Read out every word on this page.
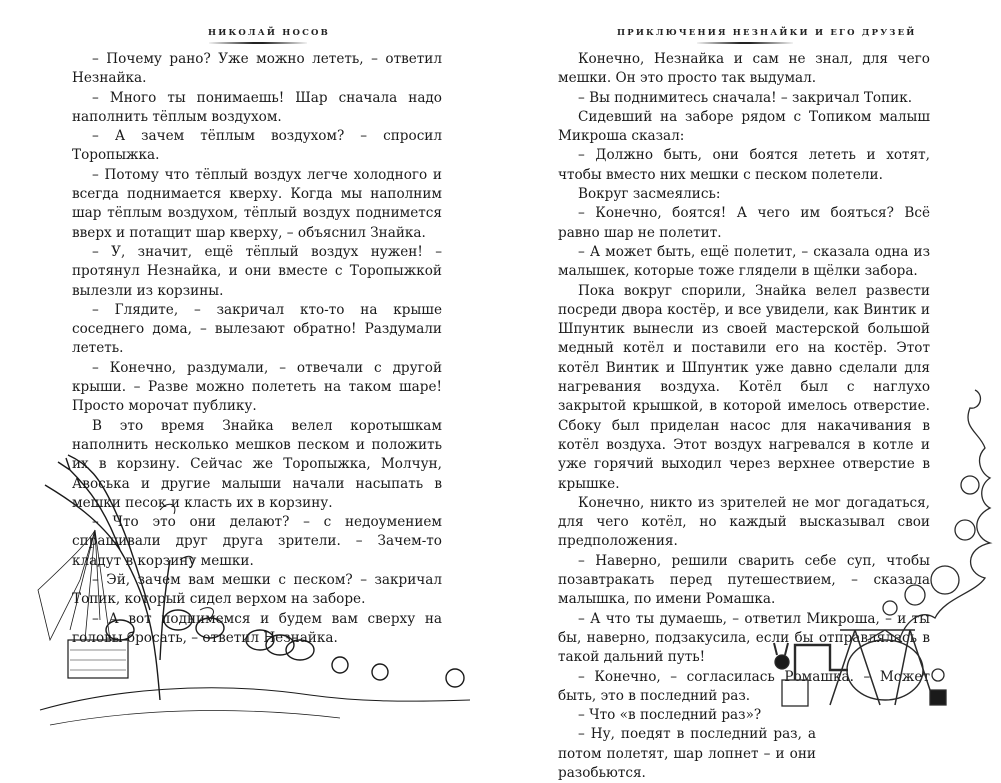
НИКОЛАЙ НОСОВ

– Почему рано? Уже можно лететь, – ответил Незнайка.

– Много ты понимаешь! Шар сначала надо наполнить тёплым воздухом.

– А зачем тёплым воздухом? – спросил Торопыжка.

– Потому что тёплый воздух легче холодного и всегда поднимается кверху. Когда мы наполним шар тёплым воздухом, тёплый воздух поднимется вверх и потащит шар кверху, – объяснил Знайка.

– У, значит, ещё тёплый воздух нужен! – протянул Незнайка, и они вместе с Торопыжкой вылезли из корзины.

– Глядите, – закричал кто-то на крыше соседнего дома, – вылезают обратно! Раздумали лететь.

– Конечно, раздумали, – отвечали с другой крыши. – Разве можно полететь на таком шаре! Просто морочат публику.

В это время Знайка велел коротышкам наполнить несколько мешков песком и положить их в корзину. Сейчас же Торопыжка, Молчун, Авоська и другие малыши начали насыпать в мешки песок и класть их в корзину.

– Что это они делают? – с недоумением спрашивали друг друга зрители. – Зачем-то кладут в корзину мешки.

– Эй, зачем вам мешки с песком? – закричал Топик, который сидел верхом на заборе.

– А вот поднимемся и будем вам сверху на головы бросать, – ответил Незнайка.

ПРИКЛЮЧЕНИЯ НЕЗНАЙКИ И ЕГО ДРУЗЕЙ

Конечно, Незнайка и сам не знал, для чего мешки. Он это просто так выдумал.

– Вы поднимитесь сначала! – закричал Топик.

Сидевший на заборе рядом с Топиком малыш Микроша сказал:

– Должно быть, они боятся лететь и хотят, чтобы вместо них мешки с песком полетели.

Вокруг засмеялись:

– Конечно, боятся! А чего им бояться? Всё равно шар не полетит.

– А может быть, ещё полетит, – сказала одна из малышек, которые тоже глядели в щёлки забора.

Пока вокруг спорили, Знайка велел развести посреди двора костёр, и все увидели, как Винтик и Шпунтик вынесли из своей мастерской большой медный котёл и поставили его на костёр. Этот котёл Винтик и Шпунтик уже давно сделали для нагревания воздуха. Котёл был с наглухо закрытой крышкой, в которой имелось отверстие. Сбоку был приделан насос для накачивания в котёл воздуха. Этот воздух нагревался в котле и уже горячий выходил через верхнее отверстие в крышке.

Конечно, никто из зрителей не мог догадаться, для чего котёл, но каждый высказывал свои предположения.

– Наверно, решили сварить себе суп, чтобы позавтракать перед путешествием, – сказала малышка, по имени Ромашка.

– А что ты думаешь, – ответил Микроша, – и ты бы, наверно, подзакусила, если бы отправлялась в такой дальний путь!

– Конечно, – согласилась Ромашка. – Может быть, это в последний раз.

– Что «в последний раз»?

– Ну, поедят в последний раз, а потом полетят, шар лопнет – и они разобьются.
